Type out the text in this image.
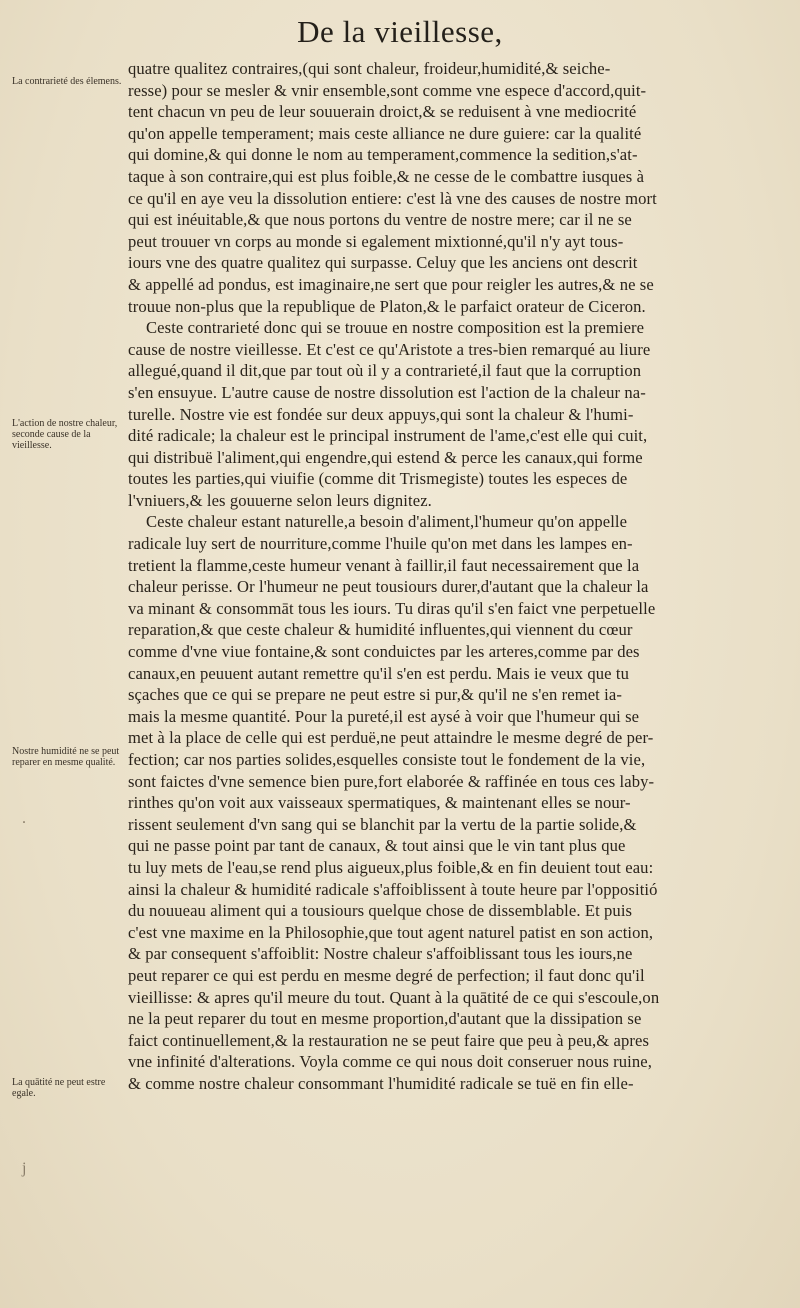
De la vieillesse,
La contrarieté des élemens.
L'action de nostre chaleur, seconde cause de la vieillesse.
Nostre humidité ne se peut reparer en mesme qualité.
La quātité ne peut estre egale.
.
j
quatre qualitez contraires,(qui sont chaleur, froideur,humidité,& seiche-
resse) pour se mesler & vnir ensemble,sont comme vne espece d'accord,quit-
tent chacun vn peu de leur souuerain droict,& se reduisent à vne mediocrité
qu'on appelle temperament; mais ceste alliance ne dure guiere: car la qualité
qui domine,& qui donne le nom au temperament,commence la sedition,s'at-
taque à son contraire,qui est plus foible,& ne cesse de le combattre iusques à
ce qu'il en aye veu la dissolution entiere: c'est là vne des causes de nostre mort
qui est inéuitable,& que nous portons du ventre de nostre mere; car il ne se
peut trouuer vn corps au monde si egalement mixtionné,qu'il n'y ayt tous-
iours vne des quatre qualitez qui surpasse. Celuy que les anciens ont descrit
& appellé ad pondus, est imaginaire,ne sert que pour reigler les autres,& ne se
trouue non-plus que la republique de Platon,& le parfaict orateur de Ciceron.
Ceste contrarieté donc qui se trouue en nostre composition est la premiere
cause de nostre vieillesse. Et c'est ce qu'Aristote a tres-bien remarqué au liure
allegué,quand il dit,que par tout où il y a contrarieté,il faut que la corruption
s'en ensuyue. L'autre cause de nostre dissolution est l'action de la chaleur na-
turelle. Nostre vie est fondée sur deux appuys,qui sont la chaleur & l'humi-
dité radicale; la chaleur est le principal instrument de l'ame,c'est elle qui cuit,
qui distribuë l'aliment,qui engendre,qui estend & perce les canaux,qui forme
toutes les parties,qui viuifie (comme dit Trismegiste) toutes les especes de
l'vniuers,& les gouuerne selon leurs dignitez.
Ceste chaleur estant naturelle,a besoin d'aliment,l'humeur qu'on appelle
radicale luy sert de nourriture,comme l'huile qu'on met dans les lampes en-
tretient la flamme,ceste humeur venant à faillir,il faut necessairement que la
chaleur perisse. Or l'humeur ne peut tousiours durer,d'autant que la chaleur la
va minant & consommāt tous les iours. Tu diras qu'il s'en faict vne perpetuelle
reparation,& que ceste chaleur & humidité influentes,qui viennent du cœur
comme d'vne viue fontaine,& sont conduictes par les arteres,comme par des
canaux,en peuuent autant remettre qu'il s'en est perdu. Mais ie veux que tu
sçaches que ce qui se prepare ne peut estre si pur,& qu'il ne s'en remet ia-
mais la mesme quantité. Pour la pureté,il est aysé à voir que l'humeur qui se
met à la place de celle qui est perduë,ne peut attaindre le mesme degré de per-
fection; car nos parties solides,esquelles consiste tout le fondement de la vie,
sont faictes d'vne semence bien pure,fort elaborée & raffinée en tous ces laby-
rinthes qu'on voit aux vaisseaux spermatiques, & maintenant elles se nour-
rissent seulement d'vn sang qui se blanchit par la vertu de la partie solide,&
qui ne passe point par tant de canaux, & tout ainsi que le vin tant plus que
tu luy mets de l'eau,se rend plus aigueux,plus foible,& en fin deuient tout eau:
ainsi la chaleur & humidité radicale s'affoiblissent à toute heure par l'oppositió
du nouueau aliment qui a tousiours quelque chose de dissemblable. Et puis
c'est vne maxime en la Philosophie,que tout agent naturel patist en son action,
& par consequent s'affoiblit: Nostre chaleur s'affoiblissant tous les iours,ne
peut reparer ce qui est perdu en mesme degré de perfection; il faut donc qu'il
vieillisse: & apres qu'il meure du tout. Quant à la quātité de ce qui s'escoule,on
ne la peut reparer du tout en mesme proportion,d'autant que la dissipation se
faict continuellement,& la restauration ne se peut faire que peu à peu,& apres
vne infinité d'alterations. Voyla comme ce qui nous doit conseruer nous ruine,
& comme nostre chaleur consommant l'humidité radicale se tuë en fin elle-
